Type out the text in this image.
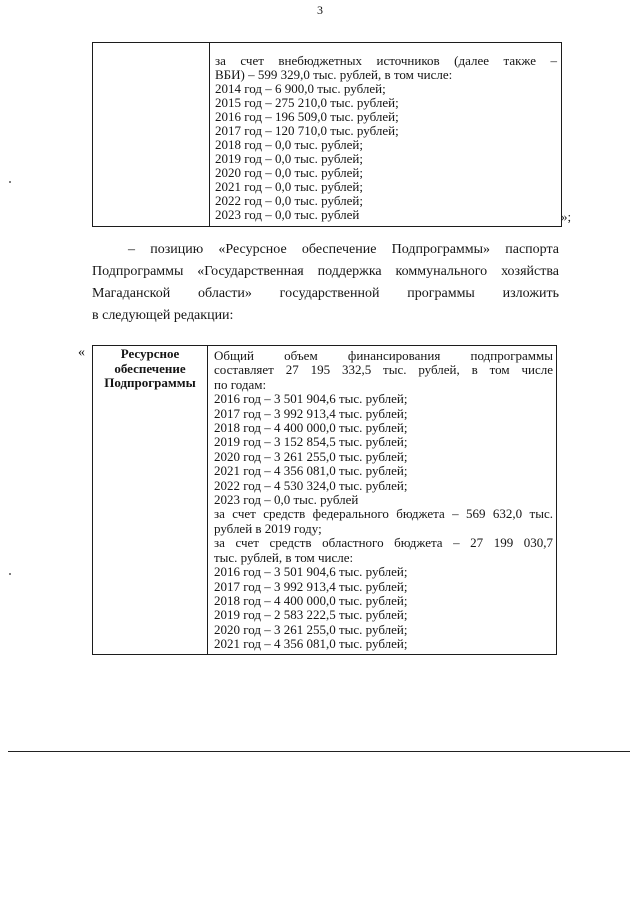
3
за счет внебюджетных источников (далее также –
ВБИ) – 599 329,0 тыс. рублей, в том числе:
2014 год – 6 900,0 тыс. рублей;
2015 год – 275 210,0 тыс. рублей;
2016 год – 196 509,0 тыс. рублей;
2017 год – 120 710,0 тыс. рублей;
2018 год – 0,0 тыс. рублей;
2019 год – 0,0 тыс. рублей;
2020 год – 0,0 тыс. рублей;
2021 год – 0,0 тыс. рублей;
2022 год – 0,0 тыс. рублей;
2023 год – 0,0 тыс. рублей	»;
– позицию «Ресурсное обеспечение Подпрограммы» паспорта
Подпрограммы «Государственная поддержка коммунального хозяйства
Магаданской области» государственной программы изложить
в следующей редакции:
«	Ресурсное
обеспечение
Подпрограммы
Общий объем финансирования подпрограммы
составляет 27 195 332,5 тыс. рублей, в том числе
по годам:
2016 год – 3 501 904,6 тыс. рублей;
2017 год – 3 992 913,4 тыс. рублей;
2018 год – 4 400 000,0 тыс. рублей;
2019 год – 3 152 854,5 тыс. рублей;
2020 год – 3 261 255,0 тыс. рублей;
2021 год – 4 356 081,0 тыс. рублей;
2022 год – 4 530 324,0 тыс. рублей;
2023 год – 0,0 тыс. рублей
за счет средств федерального бюджета – 569 632,0 тыс.
рублей в 2019 году;
за счет средств областного бюджета – 27 199 030,7
тыс. рублей, в том числе:
2016 год – 3 501 904,6 тыс. рублей;
2017 год – 3 992 913,4 тыс. рублей;
2018 год – 4 400 000,0 тыс. рублей;
2019 год – 2 583 222,5 тыс. рублей;
2020 год – 3 261 255,0 тыс. рублей;
2021 год – 4 356 081,0 тыс. рублей;
